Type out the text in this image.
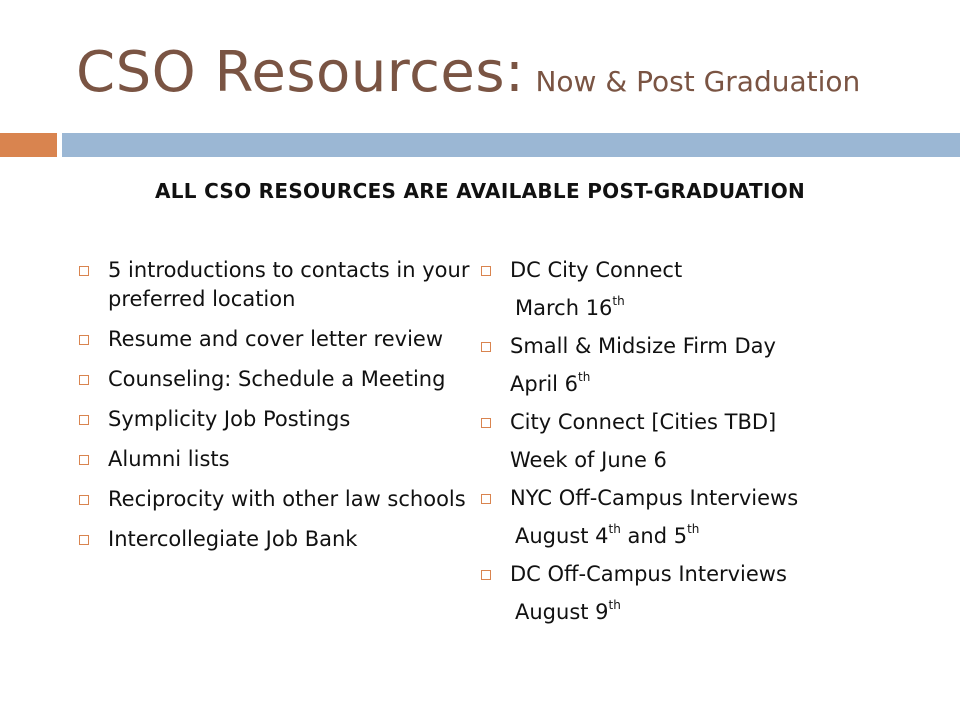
CSO Resources: Now & Post Graduation
ALL CSO RESOURCES ARE AVAILABLE POST-GRADUATION
5 introductions to contacts in your preferred location
Resume and cover letter review
Counseling: Schedule a Meeting
Symplicity Job Postings
Alumni lists
Reciprocity with other law schools
Intercollegiate Job Bank
DC City Connect
March 16th
Small & Midsize Firm Day
April 6th
City Connect [Cities TBD]
Week of June 6
NYC Off-Campus Interviews
August 4th and 5th
DC Off-Campus Interviews
August 9th
